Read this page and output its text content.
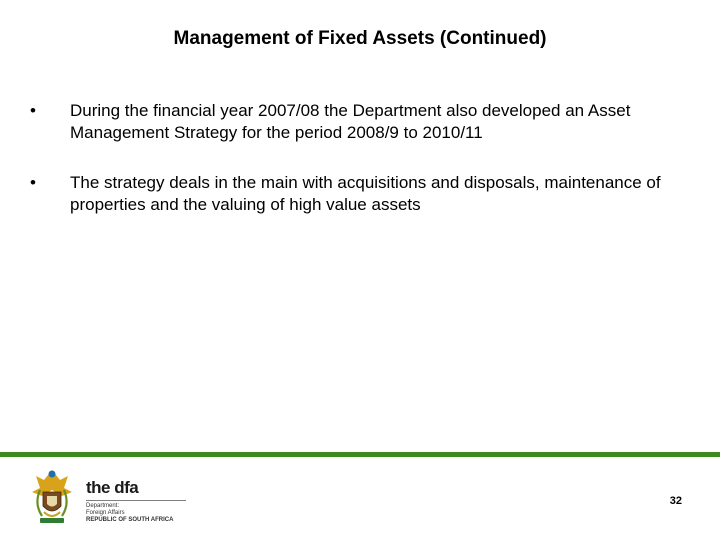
Management of Fixed Assets (Continued)
• During the financial year 2007/08 the Department also developed an Asset Management Strategy for the period 2008/9 to 2010/11
• The strategy deals in the main with acquisitions and disposals, maintenance of properties and the valuing of high value assets
the dfa
Department:
Foreign Affairs
REPUBLIC OF SOUTH AFRICA
32
